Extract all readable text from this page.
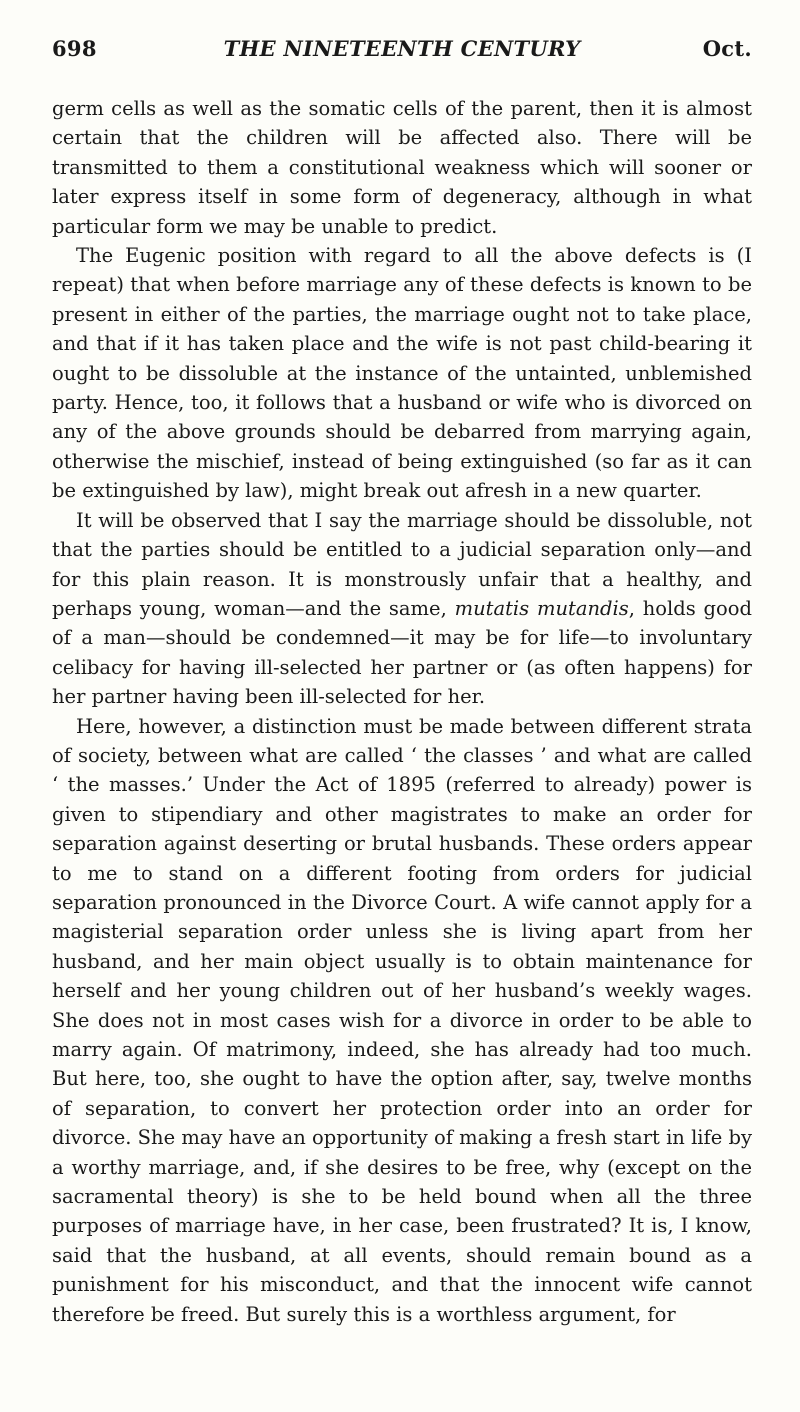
698	THE NINETEENTH CENTURY	Oct.

germ cells as well as the somatic cells of the parent, then it is almost certain that the children will be affected also. There will be transmitted to them a constitutional weakness which will sooner or later express itself in some form of degeneracy, although in what particular form we may be unable to predict.

The Eugenic position with regard to all the above defects is (I repeat) that when before marriage any of these defects is known to be present in either of the parties, the marriage ought not to take place, and that if it has taken place and the wife is not past child-bearing it ought to be dissoluble at the instance of the untainted, unblemished party. Hence, too, it follows that a husband or wife who is divorced on any of the above grounds should be debarred from marrying again, otherwise the mischief, instead of being extinguished (so far as it can be extinguished by law), might break out afresh in a new quarter.

It will be observed that I say the marriage should be dissoluble, not that the parties should be entitled to a judicial separation only—and for this plain reason. It is monstrously unfair that a healthy, and perhaps young, woman—and the same, mutatis mutandis, holds good of a man—should be condemned—it may be for life—to involuntary celibacy for having ill-selected her partner or (as often happens) for her partner having been ill-selected for her.

Here, however, a distinction must be made between different strata of society, between what are called ‘ the classes ’ and what are called ‘ the masses.’ Under the Act of 1895 (referred to already) power is given to stipendiary and other magistrates to make an order for separation against deserting or brutal husbands. These orders appear to me to stand on a different footing from orders for judicial separation pronounced in the Divorce Court. A wife cannot apply for a magisterial separation order unless she is living apart from her husband, and her main object usually is to obtain maintenance for herself and her young children out of her husband’s weekly wages. She does not in most cases wish for a divorce in order to be able to marry again. Of matrimony, indeed, she has already had too much. But here, too, she ought to have the option after, say, twelve months of separation, to convert her protection order into an order for divorce. She may have an opportunity of making a fresh start in life by a worthy marriage, and, if she desires to be free, why (except on the sacramental theory) is she to be held bound when all the three purposes of marriage have, in her case, been frustrated? It is, I know, said that the husband, at all events, should remain bound as a punishment for his misconduct, and that the innocent wife cannot therefore be freed. But surely this is a worthless argument, for
